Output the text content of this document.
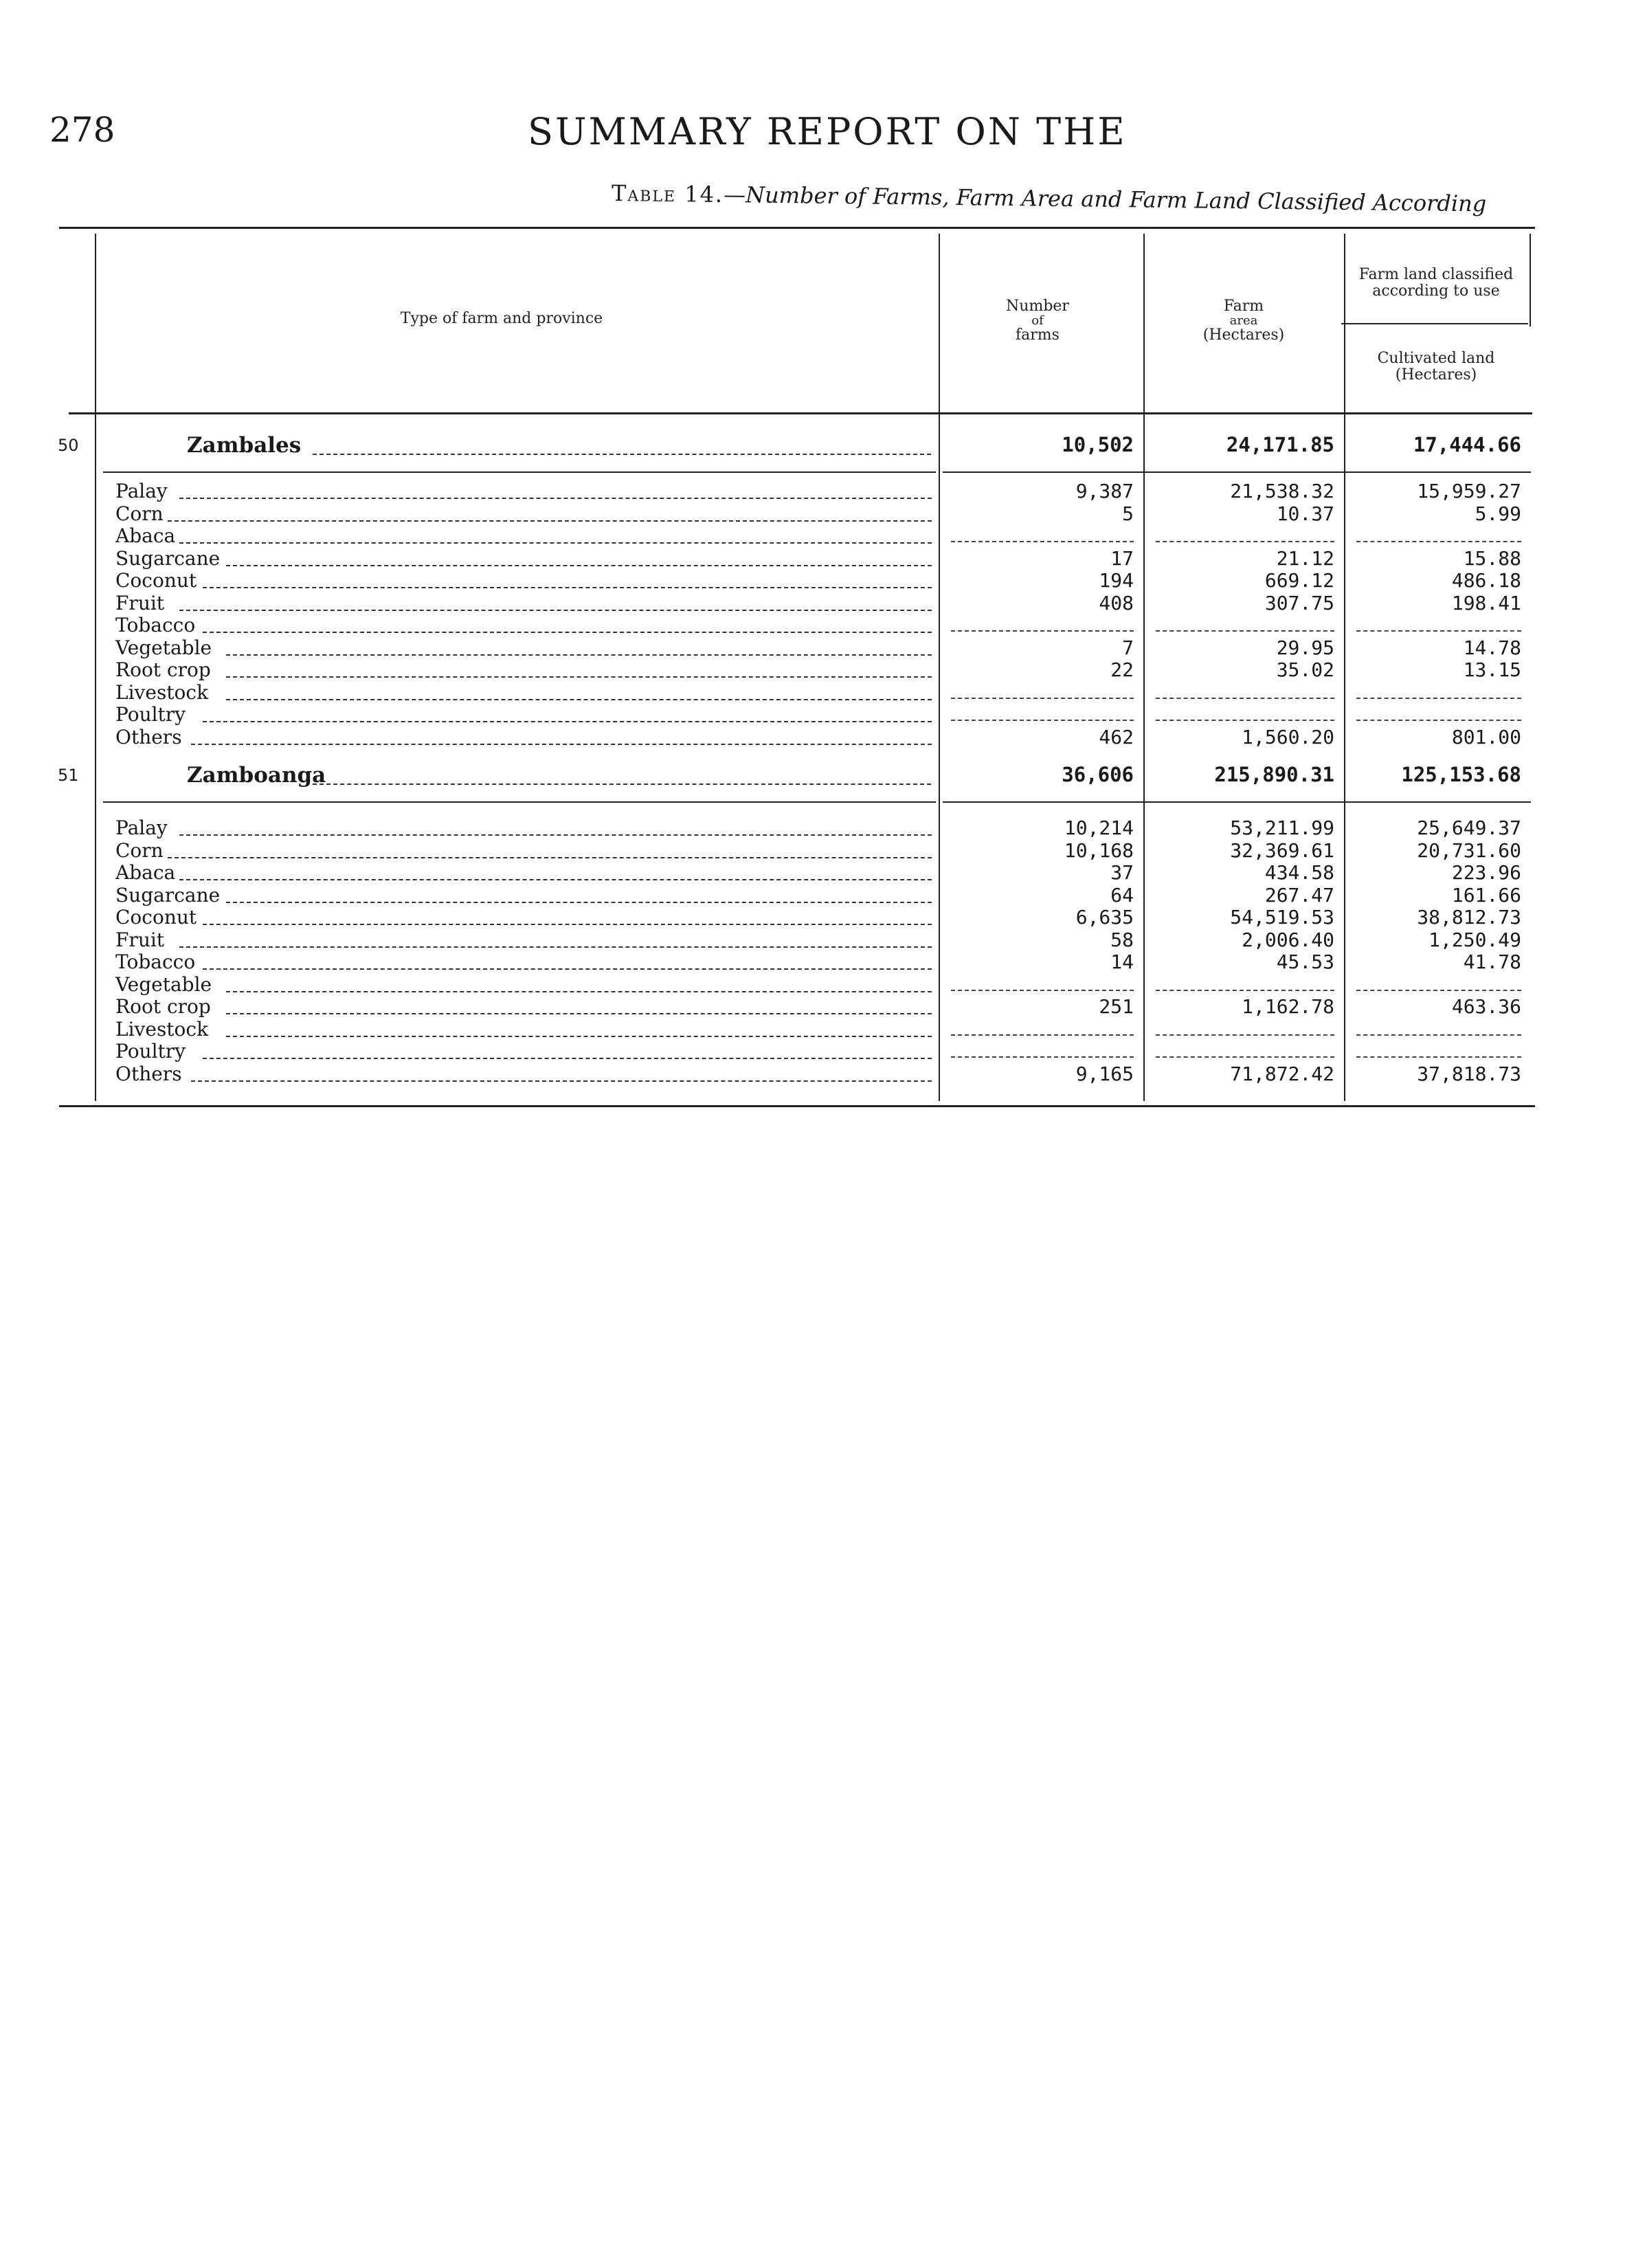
278	SUMMARY REPORT ON THE
Table 14.—Number of Farms, Farm Area and Farm Land Classified According
Type of farm and province
Number
of
farms
Farm
area
(Hectares)
Farm land classified
according to use
Cultivated land
(Hectares)
50	Zambales	10,502	24,171.85	17,444.66
Palay	9,387	21,538.32	15,959.27
Corn	5	10.37	5.99
Abaca
Sugarcane	17	21.12	15.88
Coconut	194	669.12	486.18
Fruit	408	307.75	198.41
Tobacco
Vegetable	7	29.95	14.78
Root crop	22	35.02	13.15
Livestock
Poultry
Others	462	1,560.20	801.00
51	Zamboanga	36,606	215,890.31	125,153.68
Palay	10,214	53,211.99	25,649.37
Corn	10,168	32,369.61	20,731.60
Abaca	37	434.58	223.96
Sugarcane	64	267.47	161.66
Coconut	6,635	54,519.53	38,812.73
Fruit	58	2,006.40	1,250.49
Tobacco	14	45.53	41.78
Vegetable
Root crop	251	1,162.78	463.36
Livestock
Poultry
Others	9,165	71,872.42	37,818.73
